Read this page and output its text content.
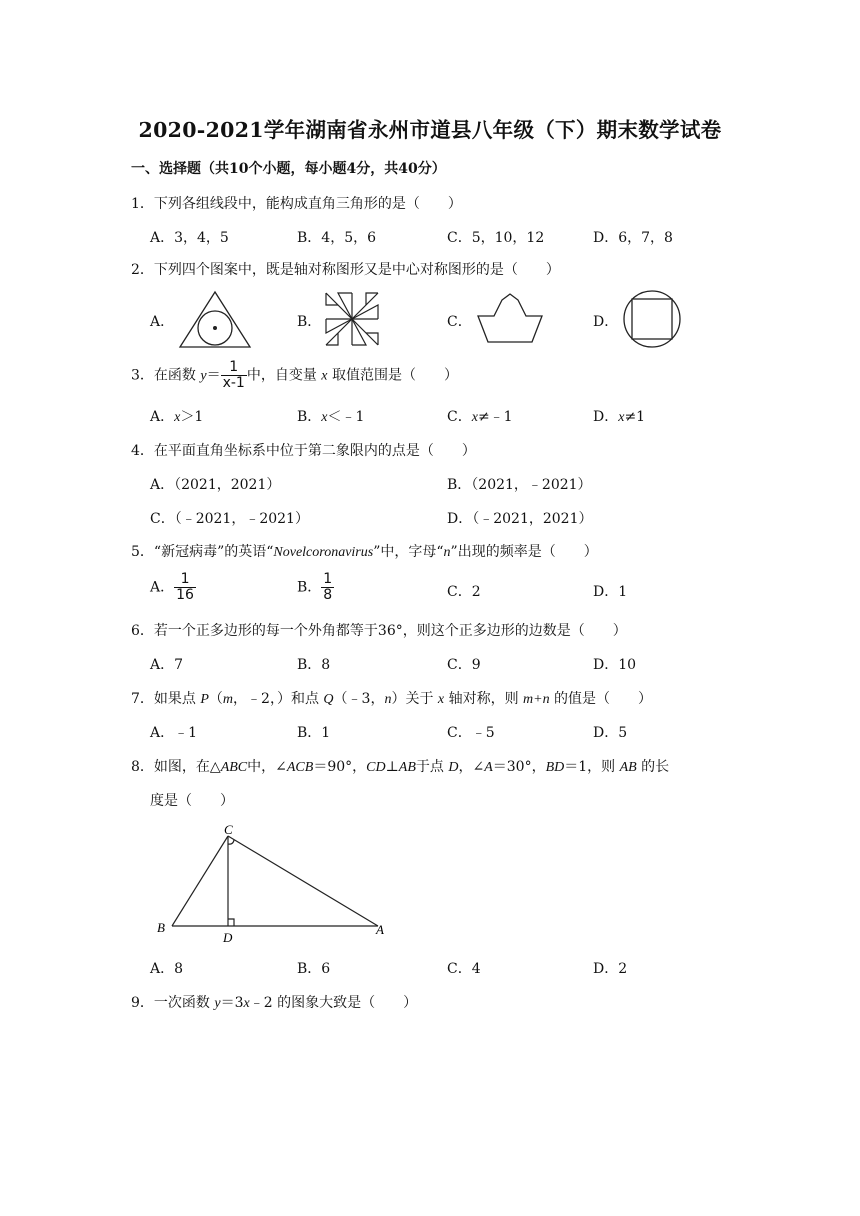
2020-2021学年湖南省永州市道县八年级（下）期末数学试卷
一、选择题（共10个小题，每小题4分，共40分）
1．下列各组线段中，能构成直角三角形的是（　　）
A．3，4，5	B．4，5，6	C．5，10，12	D．6，7，8
2．下列四个图案中，既是轴对称图形又是中心对称图形的是（　　）
A．	B．	C．	D．
3．在函数 $y= \frac{1}{x-1}$ 中，自变量 x 取值范围是（　　）
A．x＞1	B．x＜﹣1	C．x≠﹣1	D．x≠1
4．在平面直角坐标系中位于第二象限内的点是（　　）
A．（2021，2021）	B．（2021，﹣2021）
C．（﹣2021，﹣2021）	D．（﹣2021，2021）
5．“新冠病毒”的英语“Novelcoronavirus”中，字母“n”出现的频率是（　　）
A． $\frac{1}{16}$	B． $\frac{1}{8}$	C．2	D．1
6．若一个正多边形的每一个外角都等于36°，则这个正多边形的边数是（　　）
A．7	B．8	C．9	D．10
7．如果点 P（m，﹣2，）和点 Q（﹣3，n）关于 x 轴对称，则 m+n 的值是（　　）
A．﹣1	B．1	C．﹣5	D．5
8．如图，在△ABC中，∠ACB＝90°，CD⊥AB于点 D，∠A＝30°，BD＝1，则 AB 的长
度是（　　）
C
B
D
A
A．8	B．6	C．4	D．2
9．一次函数 y＝3x﹣2 的图象大致是（　　）
